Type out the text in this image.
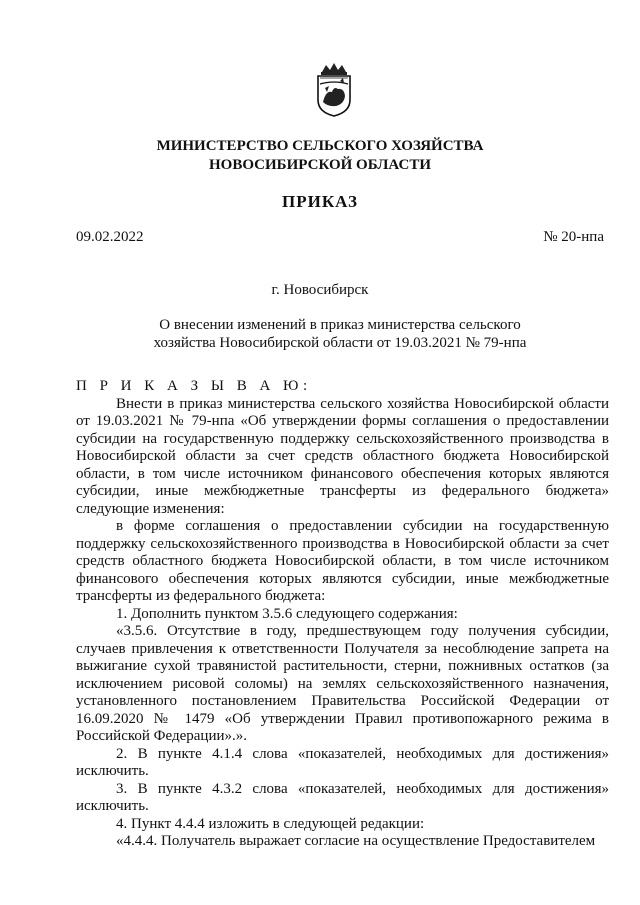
МИНИСТЕРСТВО СЕЛЬСКОГО ХОЗЯЙСТВА
НОВОСИБИРСКОЙ ОБЛАСТИ
ПРИКАЗ
09.02.2022	№ 20-нпа
г. Новосибирск
О внесении изменений в приказ министерства сельского
хозяйства Новосибирской области от 19.03.2021 № 79-нпа

П Р И К А З Ы В А Ю:

Внести в приказ министерства сельского хозяйства Новосибирской области от 19.03.2021 № 79-нпа «Об утверждении формы соглашения о предоставлении субсидии на государственную поддержку сельскохозяйственного производства в Новосибирской области за счет средств областного бюджета Новосибирской области, в том числе источником финансового обеспечения которых являются субсидии, иные межбюджетные трансферты из федерального бюджета» следующие изменения:

в форме соглашения о предоставлении субсидии на государственную поддержку сельскохозяйственного производства в Новосибирской области за счет средств областного бюджета Новосибирской области, в том числе источником финансового обеспечения которых являются субсидии, иные межбюджетные трансферты из федерального бюджета:

1. Дополнить пунктом 3.5.6 следующего содержания:

«3.5.6. Отсутствие в году, предшествующем году получения субсидии, случаев привлечения к ответственности Получателя за несоблюдение запрета на выжигание сухой травянистой растительности, стерни, пожнивных остатков (за исключением рисовой соломы) на землях сельскохозяйственного назначения, установленного постановлением Правительства Российской Федерации от 16.09.2020 № 1479 «Об утверждении Правил противопожарного режима в Российской Федерации».».

2. В пункте 4.1.4 слова «показателей, необходимых для достижения» исключить.

3. В пункте 4.3.2 слова «показателей, необходимых для достижения» исключить.

4. Пункт 4.4.4 изложить в следующей редакции:

«4.4.4. Получатель выражает согласие на осуществление Предоставителем
